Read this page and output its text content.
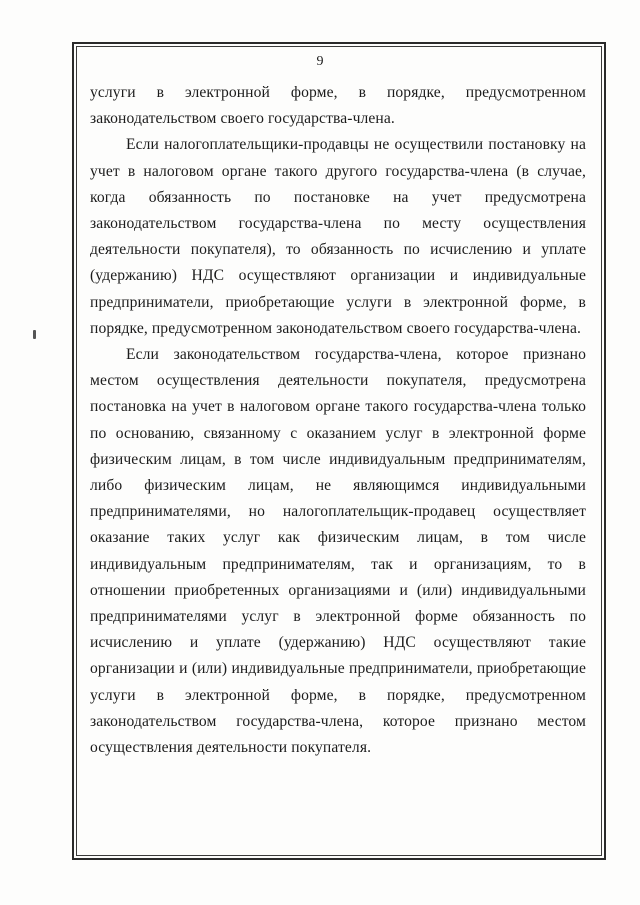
9

услуги в электронной форме, в порядке, предусмотренном законодательством своего государства-члена.

Если налогоплательщики-продавцы не осуществили постановку на учет в налоговом органе такого другого государства-члена (в случае, когда обязанность по постановке на учет предусмотрена законодательством государства-члена по месту осуществления деятельности покупателя), то обязанность по исчислению и уплате (удержанию) НДС осуществляют организации и индивидуальные предприниматели, приобретающие услуги в электронной форме, в порядке, предусмотренном законодательством своего государства-члена.

Если законодательством государства-члена, которое признано местом осуществления деятельности покупателя, предусмотрена постановка на учет в налоговом органе такого государства-члена только по основанию, связанному с оказанием услуг в электронной форме физическим лицам, в том числе индивидуальным предпринимателям, либо физическим лицам, не являющимся индивидуальными предпринимателями, но налогоплательщик-продавец осуществляет оказание таких услуг как физическим лицам, в том числе индивидуальным предпринимателям, так и организациям, то в отношении приобретенных организациями и (или) индивидуальными предпринимателями услуг в электронной форме обязанность по исчислению и уплате (удержанию) НДС осуществляют такие организации и (или) индивидуальные предприниматели, приобретающие услуги в электронной форме, в порядке, предусмотренном законодательством государства-члена, которое признано местом осуществления деятельности покупателя.
